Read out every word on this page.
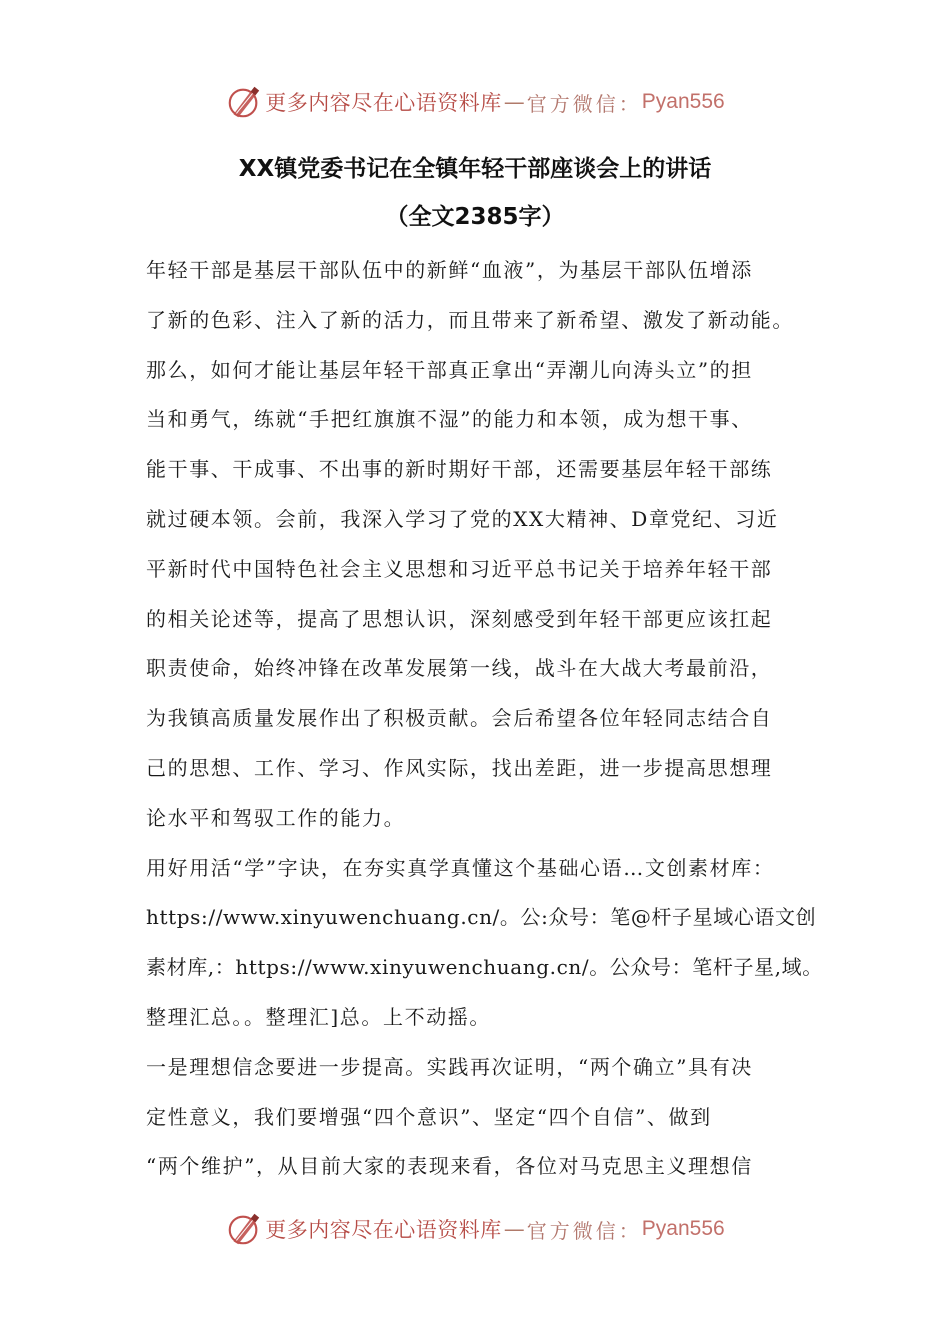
更多内容尽在心语资料库 — 官方微信： Pyan556
XX镇党委书记在全镇年轻干部座谈会上的讲话
（全文2385字）
年轻干部是基层干部队伍中的新鲜“血液”，为基层干部队伍增添
了新的色彩、注入了新的活力，而且带来了新希望、激发了新动能。
那么，如何才能让基层年轻干部真正拿出“弄潮儿向涛头立”的担
当和勇气，练就“手把红旗旗不湿”的能力和本领，成为想干事、
能干事、干成事、不出事的新时期好干部，还需要基层年轻干部练
就过硬本领。会前，我深入学习了党的XX大精神、D章党纪、习近
平新时代中国特色社会主义思想和习近平总书记关于培养年轻干部
的相关论述等，提高了思想认识，深刻感受到年轻干部更应该扛起
职责使命，始终冲锋在改革发展第一线，战斗在大战大考最前沿，
为我镇高质量发展作出了积极贡献。会后希望各位年轻同志结合自
己的思想、工作、学习、作风实际，找出差距，进一步提高思想理
论水平和驾驭工作的能力。
用好用活“学”字诀，在夯实真学真懂这个基础心语…文创素材库：
https://www.xinyuwenchuang.cn/。公:众号：笔@杆子星域心语文创
素材库,：https://www.xinyuwenchuang.cn/。公众号：笔杆子星,域。
整理汇总。。整理汇]总。上不动摇。
一是理想信念要进一步提高。实践再次证明，“两个确立”具有决
定性意义，我们要增强“四个意识”、坚定“四个自信”、做到
“两个维护”，从目前大家的表现来看，各位对马克思主义理想信
更多内容尽在心语资料库 — 官方微信： Pyan556
